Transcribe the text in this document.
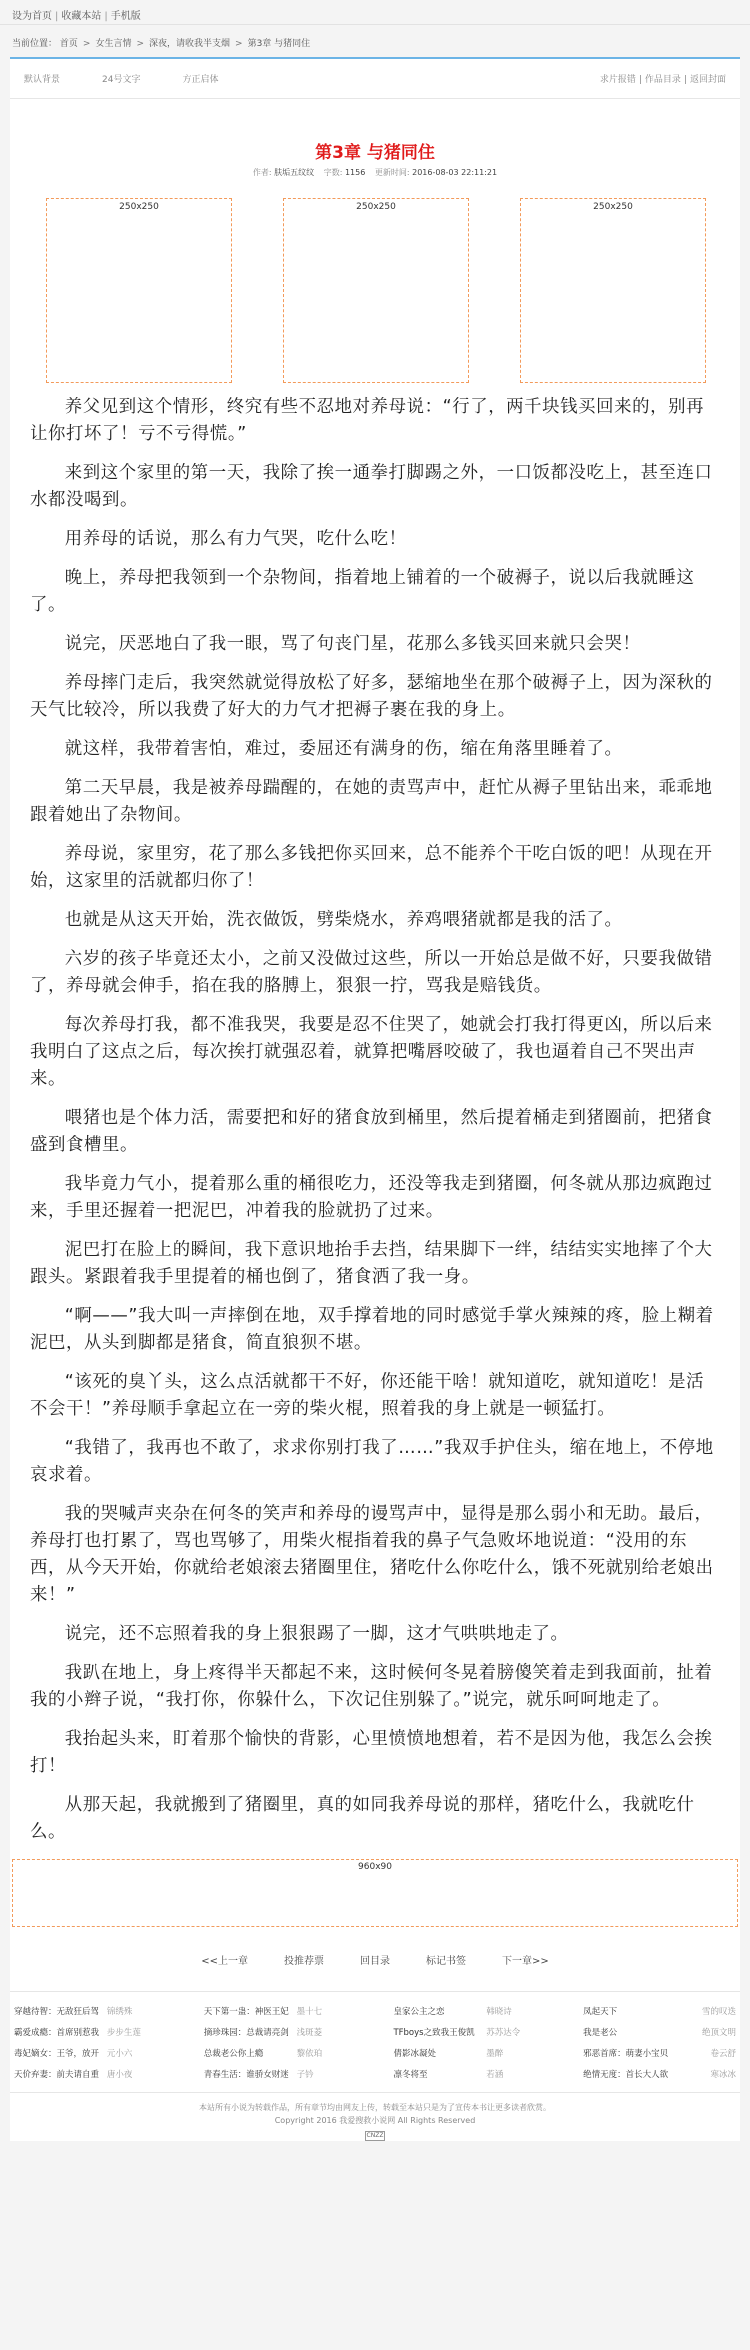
设为首页 | 收藏本站 | 手机版
当前位置： 首页 > 女生言情 > 深夜，请收我半支烟 > 第3章 与猪同住
默认背景	24号文字	方正启体	求片报错 | 作品目录 | 返回封面
第3章 与猪同住
作者: 肤垢五纹纹 字数: 1156 更新时间: 2016-08-03 22:11:21
250x250	250x250	250x250

养父见到这个情形，终究有些不忍地对养母说：“行了，两千块钱买回来的，别再让你打坏了！亏不亏得慌。”

来到这个家里的第一天，我除了挨一通拳打脚踢之外，一口饭都没吃上，甚至连口水都没喝到。

用养母的话说，那么有力气哭，吃什么吃！

晚上，养母把我领到一个杂物间，指着地上铺着的一个破褥子，说以后我就睡这了。

说完，厌恶地白了我一眼，骂了句丧门星，花那么多钱买回来就只会哭！

养母摔门走后，我突然就觉得放松了好多，瑟缩地坐在那个破褥子上，因为深秋的天气比较冷，所以我费了好大的力气才把褥子裹在我的身上。

就这样，我带着害怕，难过，委屈还有满身的伤，缩在角落里睡着了。

第二天早晨，我是被养母踹醒的，在她的责骂声中，赶忙从褥子里钻出来，乖乖地跟着她出了杂物间。

养母说，家里穷，花了那么多钱把你买回来，总不能养个干吃白饭的吧！从现在开始，这家里的活就都归你了！

也就是从这天开始，洗衣做饭，劈柴烧水，养鸡喂猪就都是我的活了。

六岁的孩子毕竟还太小，之前又没做过这些，所以一开始总是做不好，只要我做错了，养母就会伸手，掐在我的胳膊上，狠狠一拧，骂我是赔钱货。

每次养母打我，都不准我哭，我要是忍不住哭了，她就会打我打得更凶，所以后来我明白了这点之后，每次挨打就强忍着，就算把嘴唇咬破了，我也逼着自己不哭出声来。

喂猪也是个体力活，需要把和好的猪食放到桶里，然后提着桶走到猪圈前，把猪食盛到食槽里。

我毕竟力气小，提着那么重的桶很吃力，还没等我走到猪圈，何冬就从那边疯跑过来，手里还握着一把泥巴，冲着我的脸就扔了过来。

泥巴打在脸上的瞬间，我下意识地抬手去挡，结果脚下一绊，结结实实地摔了个大跟头。紧跟着我手里提着的桶也倒了，猪食洒了我一身。

“啊——”我大叫一声摔倒在地，双手撑着地的同时感觉手掌火辣辣的疼，脸上糊着泥巴，从头到脚都是猪食，简直狼狈不堪。

“该死的臭丫头，这么点活就都干不好，你还能干啥！就知道吃，就知道吃！是活不会干！”养母顺手拿起立在一旁的柴火棍，照着我的身上就是一顿猛打。

“我错了，我再也不敢了，求求你别打我了……”我双手护住头，缩在地上，不停地哀求着。

我的哭喊声夹杂在何冬的笑声和养母的谩骂声中，显得是那么弱小和无助。最后，养母打也打累了，骂也骂够了，用柴火棍指着我的鼻子气急败坏地说道：“没用的东西，从今天开始，你就给老娘滚去猪圈里住，猪吃什么你吃什么，饿不死就别给老娘出来！”

说完，还不忘照着我的身上狠狠踢了一脚，这才气哄哄地走了。

我趴在地上，身上疼得半天都起不来，这时候何冬晃着膀傻笑着走到我面前，扯着我的小辫子说，“我打你，你躲什么，下次记住别躲了。”说完，就乐呵呵地走了。

我抬起头来，盯着那个愉快的背影，心里愤愤地想着，若不是因为他，我怎么会挨打！

从那天起，我就搬到了猪圈里，真的如同我养母说的那样，猪吃什么，我就吃什么。

960x90
<<上一章	投推荐票	回目录	标记书签	下一章>>
穿越待智：无敌狂后驾 锦绣殊	天下第一蛊：神医王妃 墨十七	皇家公主之恋	韩晓诗	凤起天下	雪的叹迭
霸爱成瘾：首席别惹我 步步生莲	摘珍珠园：总裁请亮剑 浅斑菱	TFboys之致我王俊凯	苏苏达令	我是老公	绝顶文明
毒妃嫡女：王爷，放开 元小六	总裁老公你上瘾	黎依珀	倩影冰凝处	墨醉	邪恶首席：萌妻小宝贝	卷云舒
天价弃妻：前夫请自重 唐小夜	青春生活：谁骄女财迷 子钤	凛冬将至	若涵	绝情无度：首长大人欲	寒冰冰
本站所有小说为转载作品，所有章节均由网友上传，转载至本站只是为了宣传本书让更多读者欣赏。
Copyright 2016 我爱搜救小说网 All Rights Reserved
CNZZ
